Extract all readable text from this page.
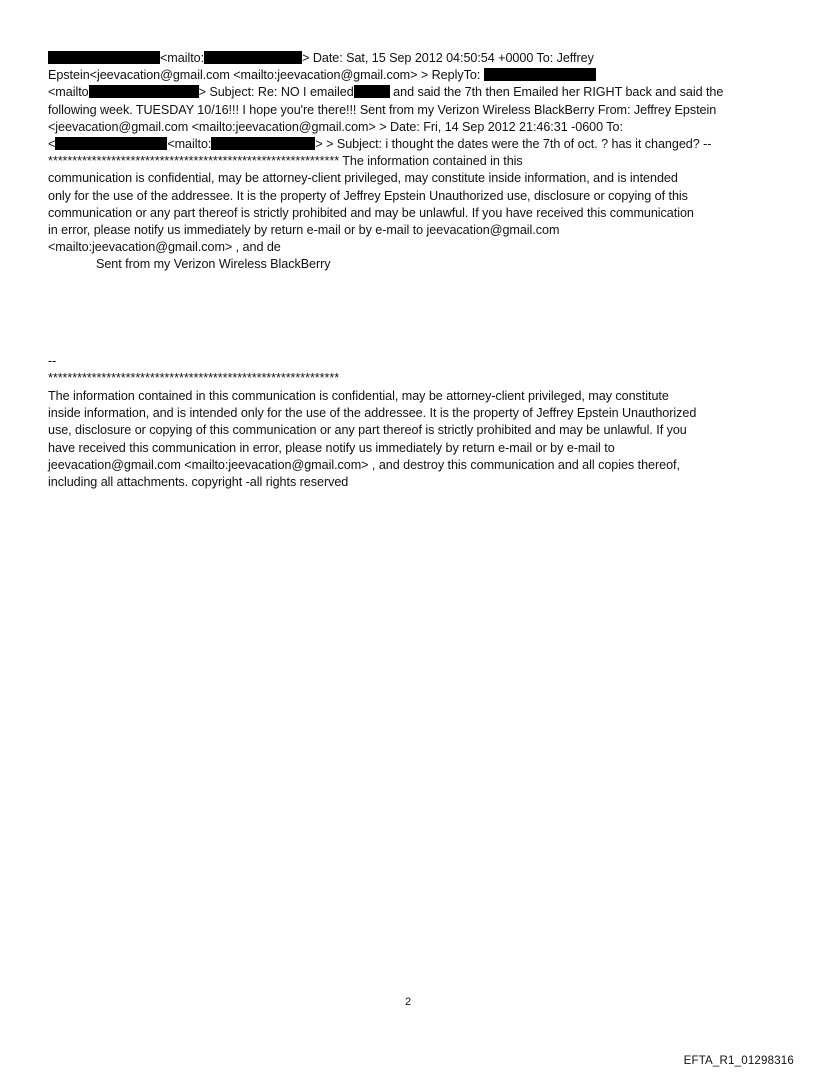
<mailto:	> Date: Sat, 15 Sep 2012 04:50:54 +0000 To: Jeffrey
Epstein<jeevacation@gmail.com <mailto:jeevacation@gmail.com> > ReplyTo:
<mailto	> Subject: Re: NO I emailed	and said the 7th then Emailed her RIGHT back and said the
following week. TUESDAY 10/16!!! I hope you're there!!! Sent from my Verizon Wireless BlackBerry From: Jeffrey Epstein
<jeevacation@gmail.com <mailto:jeevacation@gmail.com> > Date: Fri, 14 Sep 2012 21:46:31 -0600 To:
<	<mailto:	> > Subject: i thought the dates were the 7th of oct. ? has it changed? --
************************************************************ The information contained in this
communication is confidential, may be attorney-client privileged, may constitute inside information, and is intended
only for the use of the addressee. It is the property of Jeffrey Epstein Unauthorized use, disclosure or copying of this
communication or any part thereof is strictly prohibited and may be unlawful. If you have received this communication
in error, please notify us immediately by return e-mail or by e-mail to jeevacation@gmail.com
<mailto:jeevacation@gmail.com> , and de
Sent from my Verizon Wireless BlackBerry
--
************************************************************
The information contained in this communication is confidential, may be attorney-client privileged, may constitute
inside information, and is intended only for the use of the addressee. It is the property of Jeffrey Epstein Unauthorized
use, disclosure or copying of this communication or any part thereof is strictly prohibited and may be unlawful. If you
have received this communication in error, please notify us immediately by return e-mail or by e-mail to
jeevacation@gmail.com <mailto:jeevacation@gmail.com> , and destroy this communication and all copies thereof,
including all attachments. copyright -all rights reserved
2
EFTA_R1_01298316
